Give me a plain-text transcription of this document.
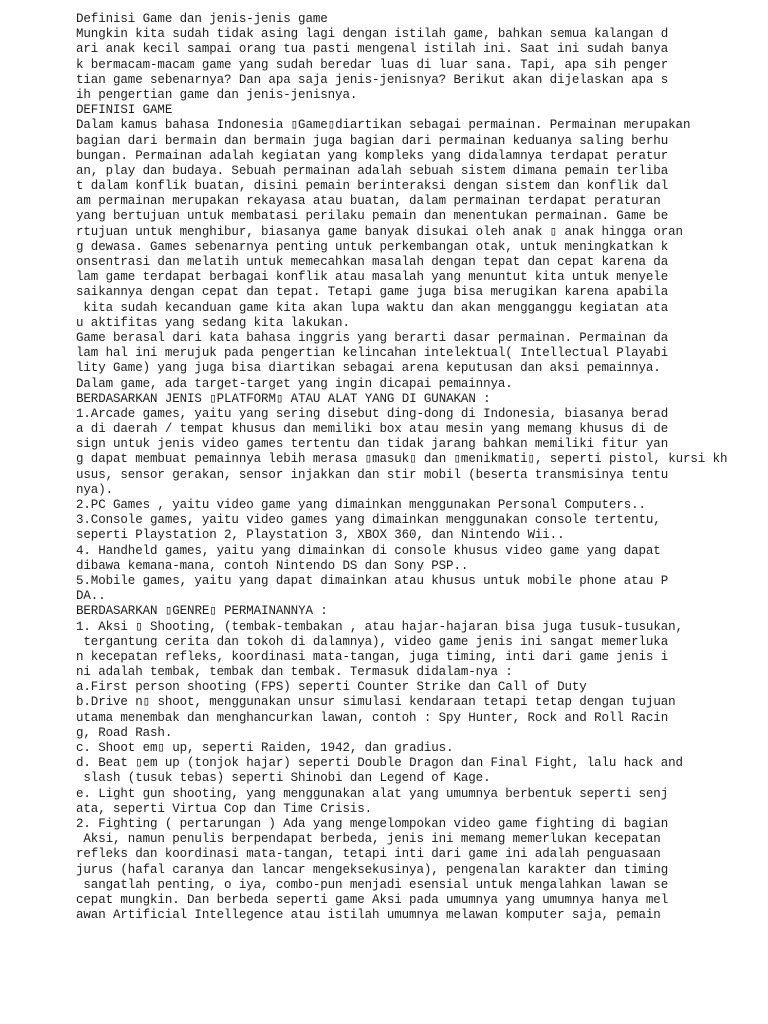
Definisi Game dan jenis-jenis game
Mungkin kita sudah tidak asing lagi dengan istilah game, bahkan semua kalangan d
ari anak kecil sampai orang tua pasti mengenal istilah ini. Saat ini sudah banya
k bermacam-macam game yang sudah beredar luas di luar sana. Tapi, apa sih penger
tian game sebenarnya? Dan apa saja jenis-jenisnya? Berikut akan dijelaskan apa s
ih pengertian game dan jenis-jenisnya.
DEFINISI GAME
Dalam kamus bahasa Indonesia ▯Game▯diartikan sebagai permainan. Permainan merupakan
bagian dari bermain dan bermain juga bagian dari permainan keduanya saling berhu
bungan. Permainan adalah kegiatan yang kompleks yang didalamnya terdapat peratur
an, play dan budaya. Sebuah permainan adalah sebuah sistem dimana pemain terliba
t dalam konflik buatan, disini pemain berinteraksi dengan sistem dan konflik dal
am permainan merupakan rekayasa atau buatan, dalam permainan terdapat peraturan
yang bertujuan untuk membatasi perilaku pemain dan menentukan permainan. Game be
rtujuan untuk menghibur, biasanya game banyak disukai oleh anak ▯ anak hingga oran
g dewasa. Games sebenarnya penting untuk perkembangan otak, untuk meningkatkan k
onsentrasi dan melatih untuk memecahkan masalah dengan tepat dan cepat karena da
lam game terdapat berbagai konflik atau masalah yang menuntut kita untuk menyele
saikannya dengan cepat dan tepat. Tetapi game juga bisa merugikan karena apabila
kita sudah kecanduan game kita akan lupa waktu dan akan mengganggu kegiatan ata
u aktifitas yang sedang kita lakukan.
Game berasal dari kata bahasa inggris yang berarti dasar permainan. Permainan da
lam hal ini merujuk pada pengertian kelincahan intelektual( Intellectual Playabi
lity Game) yang juga bisa diartikan sebagai arena keputusan dan aksi pemainnya.
Dalam game, ada target-target yang ingin dicapai pemainnya.
BERDASARKAN JENIS ▯PLATFORM▯ ATAU ALAT YANG DI GUNAKAN :
1.Arcade games, yaitu yang sering disebut ding-dong di Indonesia, biasanya berad
a di daerah / tempat khusus dan memiliki box atau mesin yang memang khusus di de
sign untuk jenis video games tertentu dan tidak jarang bahkan memiliki fitur yan
g dapat membuat pemainnya lebih merasa ▯masuk▯ dan ▯menikmati▯, seperti pistol, kursi kh
usus, sensor gerakan, sensor injakkan dan stir mobil (beserta transmisinya tentu
nya).
2.PC Games , yaitu video game yang dimainkan menggunakan Personal Computers..
3.Console games, yaitu video games yang dimainkan menggunakan console tertentu,
seperti Playstation 2, Playstation 3, XBOX 360, dan Nintendo Wii..
4. Handheld games, yaitu yang dimainkan di console khusus video game yang dapat
dibawa kemana-mana, contoh Nintendo DS dan Sony PSP..
5.Mobile games, yaitu yang dapat dimainkan atau khusus untuk mobile phone atau P
DA..
BERDASARKAN ▯GENRE▯ PERMAINANNYA :
1. Aksi ▯ Shooting, (tembak-tembakan , atau hajar-hajaran bisa juga tusuk-tusukan,
tergantung cerita dan tokoh di dalamnya), video game jenis ini sangat memerluka
n kecepatan refleks, koordinasi mata-tangan, juga timing, inti dari game jenis i
ni adalah tembak, tembak dan tembak. Termasuk didalam-nya :
a.First person shooting (FPS) seperti Counter Strike dan Call of Duty
b.Drive n▯ shoot, menggunakan unsur simulasi kendaraan tetapi tetap dengan tujuan
utama menembak dan menghancurkan lawan, contoh : Spy Hunter, Rock and Roll Racin
g, Road Rash.
c. Shoot em▯ up, seperti Raiden, 1942, dan gradius.
d. Beat ▯em up (tonjok hajar) seperti Double Dragon dan Final Fight, lalu hack and
slash (tusuk tebas) seperti Shinobi dan Legend of Kage.
e. Light gun shooting, yang menggunakan alat yang umumnya berbentuk seperti senj
ata, seperti Virtua Cop dan Time Crisis.
2. Fighting ( pertarungan ) Ada yang mengelompokan video game fighting di bagian
Aksi, namun penulis berpendapat berbeda, jenis ini memang memerlukan kecepatan
refleks dan koordinasi mata-tangan, tetapi inti dari game ini adalah penguasaan
jurus (hafal caranya dan lancar mengeksekusinya), pengenalan karakter dan timing
sangatlah penting, o iya, combo-pun menjadi esensial untuk mengalahkan lawan se
cepat mungkin. Dan berbeda seperti game Aksi pada umumnya yang umumnya hanya mel
awan Artificial Intellegence atau istilah umumnya melawan komputer saja, pemain
